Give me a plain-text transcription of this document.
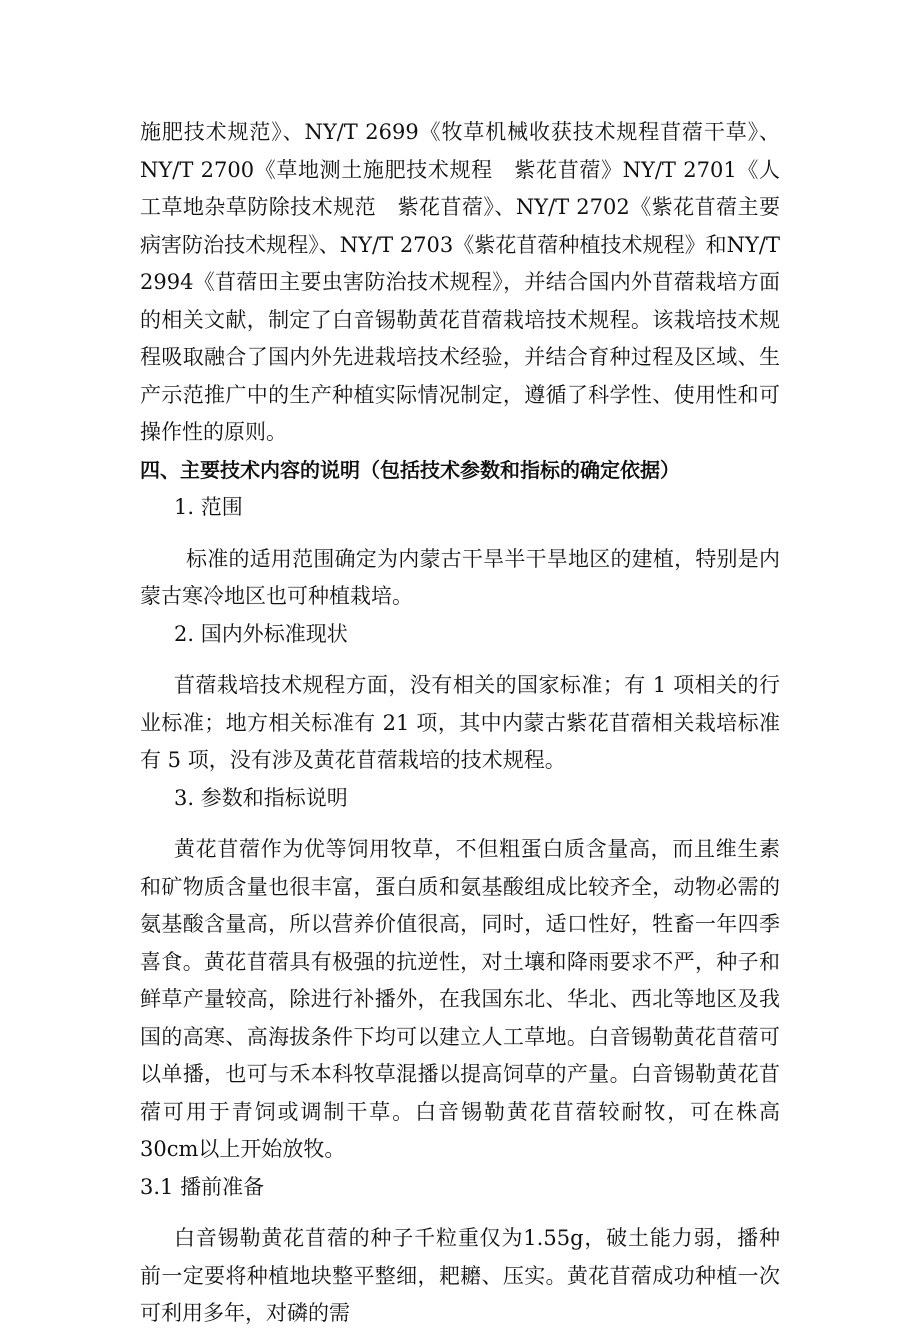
施肥技术规范》、NY/T 2699《牧草机械收获技术规程苜蓿干草》、NY/T 2700《草地测土施肥技术规程　紫花苜蓿》NY/T 2701《人工草地杂草防除技术规范　紫花苜蓿》、NY/T 2702《紫花苜蓿主要病害防治技术规程》、NY/T 2703《紫花苜蓿种植技术规程》和NY/T 2994《苜蓿田主要虫害防治技术规程》，并结合国内外苜蓿栽培方面的相关文献，制定了白音锡勒黄花苜蓿栽培技术规程。该栽培技术规程吸取融合了国内外先进栽培技术经验，并结合育种过程及区域、生产示范推广中的生产种植实际情况制定，遵循了科学性、使用性和可操作性的原则。

四、主要技术内容的说明（包括技术参数和指标的确定依据）

1. 范围

标准的适用范围确定为内蒙古干旱半干旱地区的建植，特别是内蒙古寒冷地区也可种植栽培。

2. 国内外标准现状

苜蓿栽培技术规程方面，没有相关的国家标准；有 1 项相关的行业标准；地方相关标准有 21 项，其中内蒙古紫花苜蓿相关栽培标准有 5 项，没有涉及黄花苜蓿栽培的技术规程。

3. 参数和指标说明

黄花苜蓿作为优等饲用牧草，不但粗蛋白质含量高，而且维生素和矿物质含量也很丰富，蛋白质和氨基酸组成比较齐全，动物必需的氨基酸含量高，所以营养价值很高，同时，适口性好，牲畜一年四季喜食。黄花苜蓿具有极强的抗逆性，对土壤和降雨要求不严，种子和鲜草产量较高，除进行补播外，在我国东北、华北、西北等地区及我国的高寒、高海拔条件下均可以建立人工草地。白音锡勒黄花苜蓿可以单播，也可与禾本科牧草混播以提高饲草的产量。白音锡勒黄花苜蓿可用于青饲或调制干草。白音锡勒黄花苜蓿较耐牧，可在株高30cm以上开始放牧。

3.1 播前准备

白音锡勒黄花苜蓿的种子千粒重仅为1.55g，破土能力弱，播种前一定要将种植地块整平整细，耙耱、压实。黄花苜蓿成功种植一次可利用多年，对磷的需
